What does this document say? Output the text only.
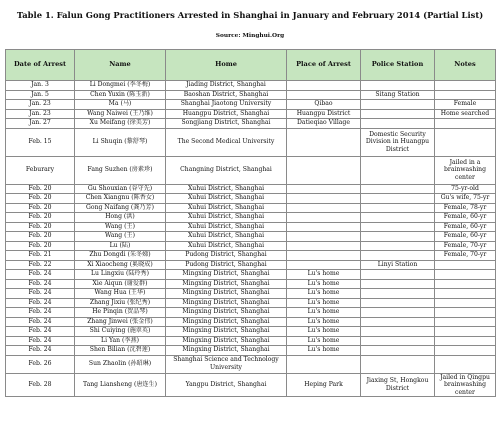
Table 1. Falun Gong Practitioners Arrested in Shanghai in January and February 2014 (Partial List)
Source: Minghui.Org
Date of Arrest	Name	Home	Place of Arrest	Police Station	Notes
Jan. 3	Li Dongmei (李冬梅)	Jiading District, Shanghai			
Jan. 5	Chen Yuxin (陈玉新)	Baoshan District, Shanghai		Sitang Station	
Jan. 23	Ma (马)	Shanghai Jiaotong University	Qibao		Female
Jan. 23	Wang Naiwei (王乃维)	Huangpu District, Shanghai	Huangpu District		Home searched
Jan. 27	Xu Meifang (徐美芳)	Songjiang District, Shanghai	Datieqiao Village		
Feb. 15	Li Shuqin (黎舒琴)	The Second Medical University		Domestic Security Division in Huangpu District	
Feburary	Fang Suzhen (房素珍)	Changning District, Shanghai			Jailed in a brainwashing center
Feb. 20	Gu Shouxian (谷守先)	Xuhui District, Shanghai			75-yr-old
Feb. 20	Chen Xiangnu (陈香女)	Xuhui District, Shanghai			Gu's wife, 75-yr
Feb. 20	Gong Naifang (龚乃芳)	Xuhui District, Shanghai			Female, 78-yr
Feb. 20	Hong (洪)	Xuhui District, Shanghai			Female, 60-yr
Feb. 20	Wang (王)	Xuhui District, Shanghai			Female, 60-yr
Feb. 20	Wang (王)	Xuhui District, Shanghai			Female, 60-yr
Feb. 20	Lu (陆)	Xuhui District, Shanghai			Female, 70-yr
Feb. 21	Zhu Dongdi (朱冬娣)	Pudong District, Shanghai			Female, 70-yr
Feb. 22	Xi Xiaocheng (奚晓成)	Pudong District, Shanghai		Linyi Station	
Feb. 24	Lu Lingxiu (陆玲秀)	Mingxing District, Shanghai	Lu's home		
Feb. 24	Xie Aiqun (谢爱群)	Mingxing District, Shanghai	Lu's home		
Feb. 24	Wang Hua (王华)	Mingxing District, Shanghai	Lu's home		
Feb. 24	Zhang Jixiu (张纪秀)	Mingxing District, Shanghai	Lu's home		
Feb. 24	He Pinqin (贺品琴)	Mingxing District, Shanghai	Lu's home		
Feb. 24	Zhang Jinwei (张金伟)	Mingxing District, Shanghai	Lu's home		
Feb. 24	Shi Cuiying (施翠英)	Mingxing District, Shanghai	Lu's home		
Feb. 24	Li Yan (李燕)	Mingxing District, Shanghai	Lu's home		
Feb. 24	Shen Bilian (沈碧莲)	Mingxing District, Shanghai	Lu's home		
Feb. 26	Sun Zhaolin (孙昭琳)	Shanghai Science and Technology University			
Feb. 28	Tang Liansheng (唐连生)	Yangpu District, Shanghai	Heping Park	Jiaxing St, Hongkou District	Jailed in Qingpu brainwashing center
